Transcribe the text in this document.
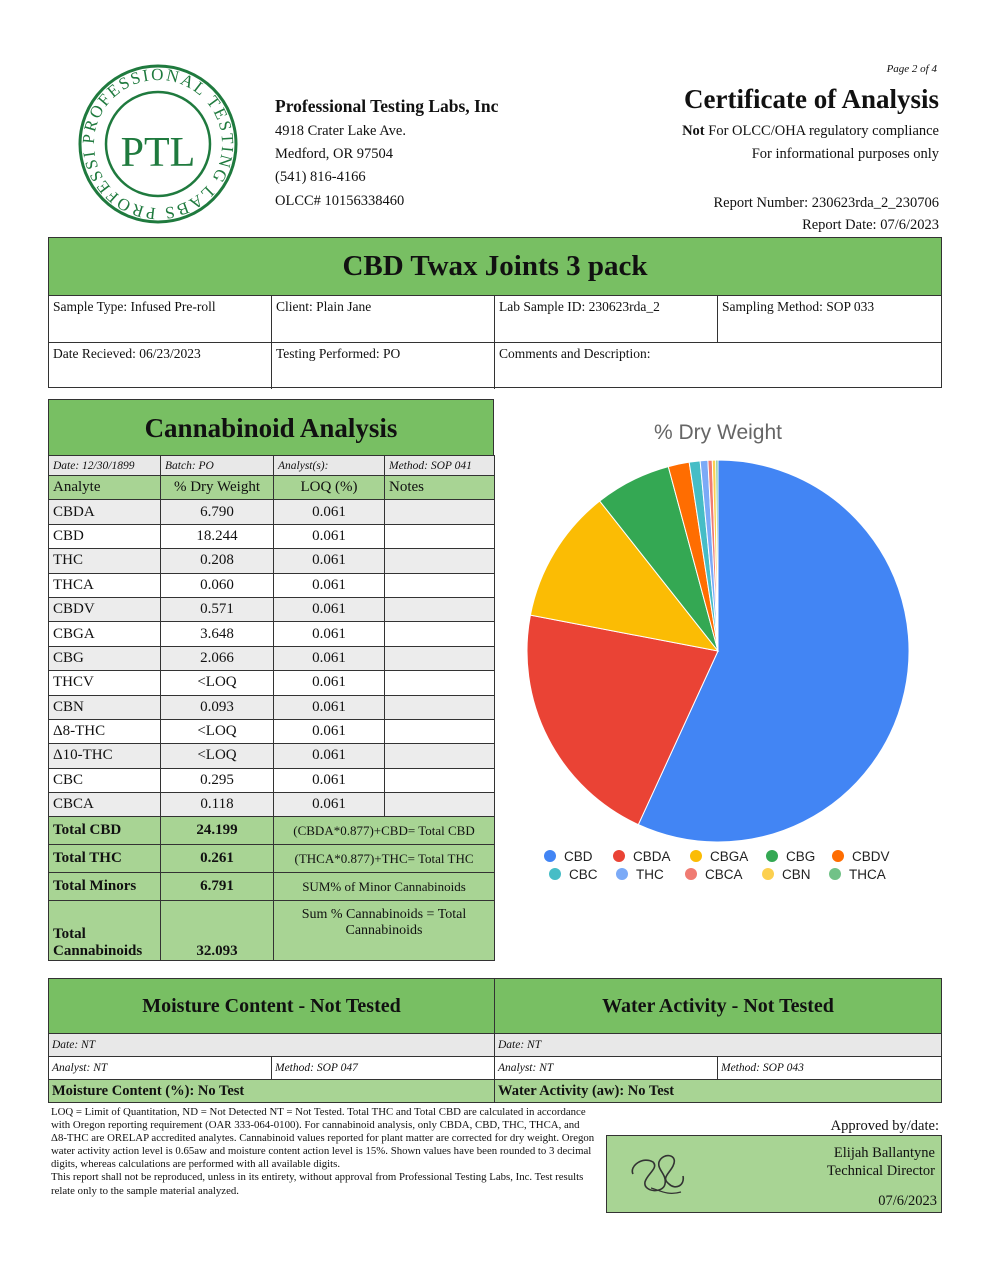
PROFESSIONAL TESTING LABS PROFESSI PTL
Professional Testing Labs, Inc
4918 Crater Lake Ave.
Medford, OR 97504
(541) 816-4166
OLCC# 10156338460
Page 2 of 4
Certificate of Analysis
Not For OLCC/OHA regulatory compliance
For informational purposes only
Report Number: 230623rda_2_230706
Report Date: 07/6/2023
CBD Twax Joints 3 pack
Sample Type: Infused Pre-roll	Client: Plain Jane	Lab Sample ID: 230623rda_2	Sampling Method: SOP 033
Date Recieved: 06/23/2023	Testing Performed: PO	Comments and Description:
Cannabinoid Analysis
Date: 12/30/1899	Batch: PO	Analyst(s):	Method: SOP 041
Analyte	% Dry Weight	LOQ (%)	Notes
CBDA	6.790	0.061	
CBD	18.244	0.061	
THC	0.208	0.061	
THCA	0.060	0.061	
CBDV	0.571	0.061	
CBGA	3.648	0.061	
CBG	2.066	0.061	
THCV	<LOQ	0.061	
CBN	0.093	0.061	
Δ8-THC	<LOQ	0.061	
Δ10-THC	<LOQ	0.061	
CBC	0.295	0.061	
CBCA	0.118	0.061	
Total CBD	24.199	(CBDA*0.877)+CBD= Total CBD	
Total THC	0.261	(THCA*0.877)+THC= Total THC	
Total Minors	6.791	SUM% of Minor Cannabinoids	
Total Cannabinoids	32.093	Sum % Cannabinoids = Total Cannabinoids	
% Dry Weight
CBD	CBDA	CBGA	CBG	CBDV
CBC	THC	CBCA	CBN	THCA
Moisture Content - Not Tested	Water Activity - Not Tested
Date: NT	Date: NT
Analyst: NT	Method: SOP 047	Analyst: NT	Method: SOP 043
Moisture Content (%): No Test	Water Activity (aw): No Test
LOQ = Limit of Quantitation, ND = Not Detected NT = Not Tested. Total THC and Total CBD are calculated in accordance with Oregon reporting requirement (OAR 333-064-0100). For cannabinoid analysis, only CBDA, CBD, THC, THCA, and Δ8-THC are ORELAP accredited analytes. Cannabinoid values reported for plant matter are corrected for dry weight. Oregon water activity action level is 0.65aw and moisture content action level is 15%. Shown values have been rounded to 3 decimal digits, whereas calculations are performed with all available digits.
This report shall not be reproduced, unless in its entirety, without approval from Professional Testing Labs, Inc. Test results relate only to the sample material analyzed.
Approved by/date:
Elijah Ballantyne
Technical Director
07/6/2023
